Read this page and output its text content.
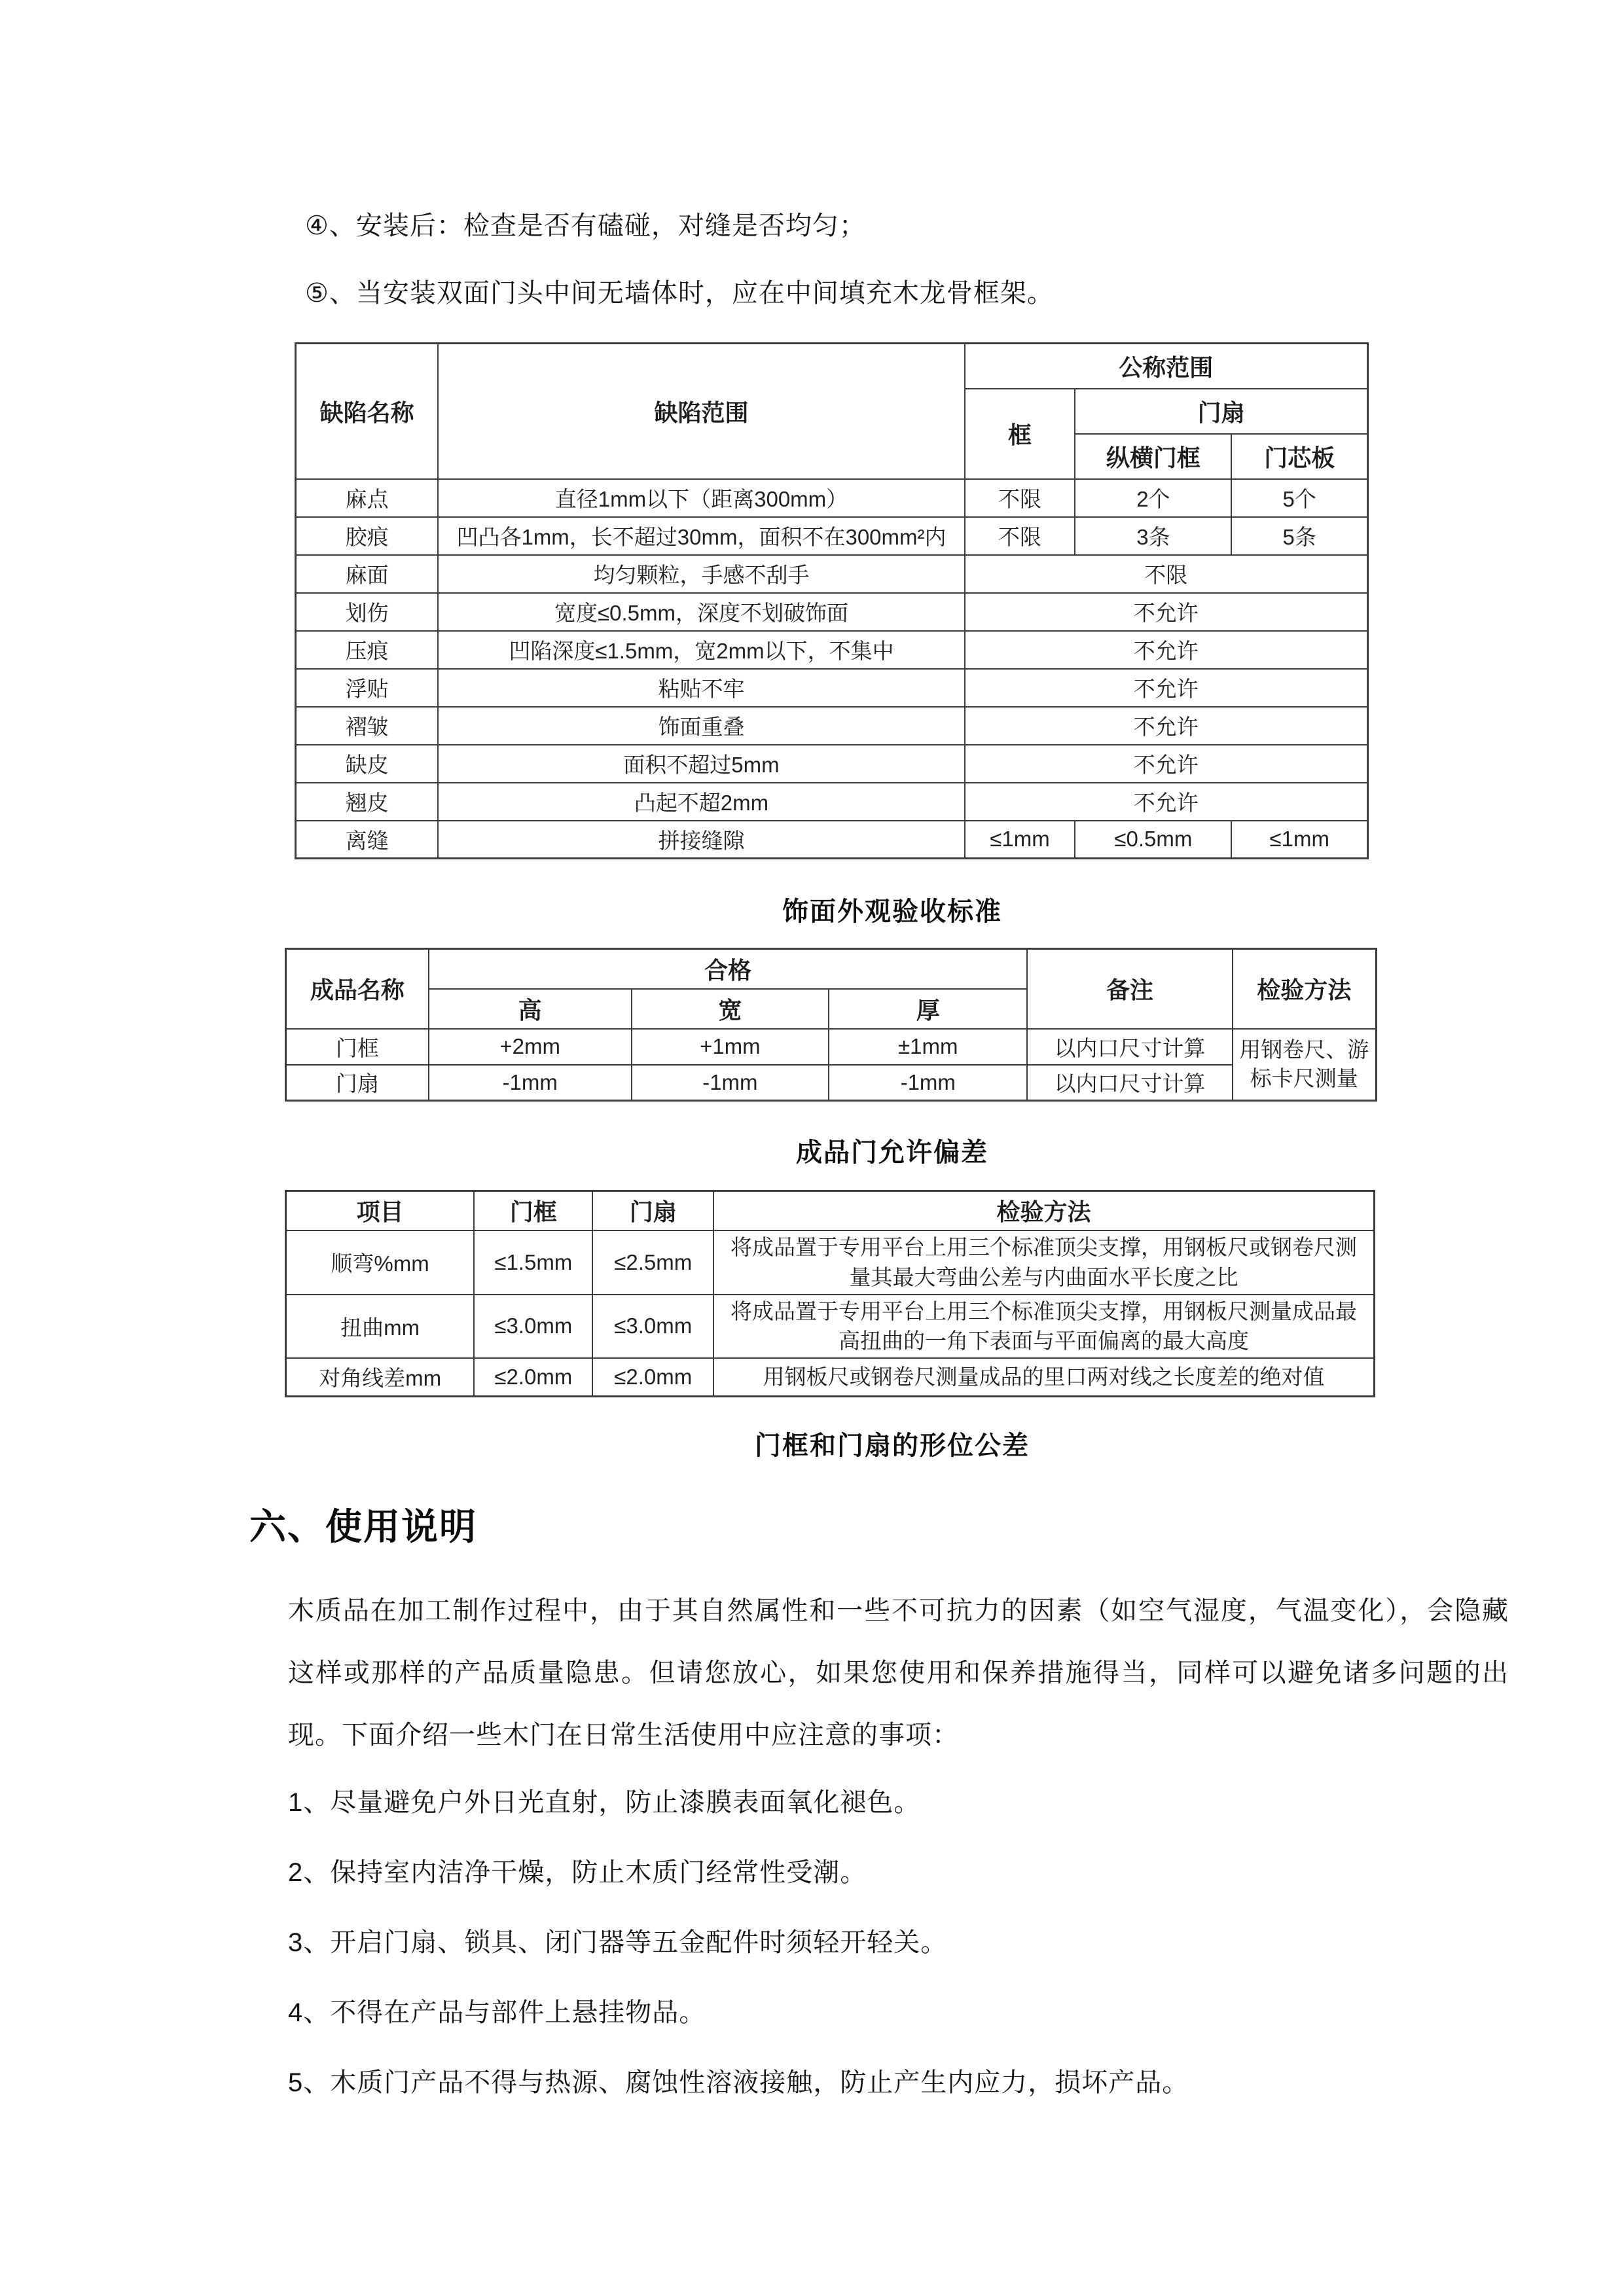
④、安装后：检查是否有磕碰，对缝是否均匀；
⑤、当安装双面门头中间无墙体时，应在中间填充木龙骨框架。
缺陷名称	缺陷范围	公称范围		
		框	门扇	
			纵横门框	门芯板
麻点	直径1mm以下（距离300mm）	不限	2个	5个
胶痕	凹凸各1mm，长不超过30mm，面积不在300mm²内	不限	3条	5条
麻面	均匀颗粒，手感不刮手	不限		
划伤	宽度≤0.5mm，深度不划破饰面	不允许		
压痕	凹陷深度≤1.5mm，宽2mm以下，不集中	不允许		
浮贴	粘贴不牢	不允许		
褶皱	饰面重叠	不允许		
缺皮	面积不超过5mm	不允许		
翘皮	凸起不超2mm	不允许		
离缝	拼接缝隙	≤1mm	≤0.5mm	≤1mm
饰面外观验收标准
成品名称	合格			备注	检验方法
	高	宽	厚		
门框	+2mm	+1mm	±1mm	以内口尺寸计算	用钢卷尺、游标卡尺测量
门扇	-1mm	-1mm	-1mm	以内口尺寸计算	
成品门允许偏差
项目	门框	门扇	检验方法
顺弯%mm	≤1.5mm	≤2.5mm	将成品置于专用平台上用三个标准顶尖支撑，用钢板尺或钢卷尺测量其最大弯曲公差与内曲面水平长度之比
扭曲mm	≤3.0mm	≤3.0mm	将成品置于专用平台上用三个标准顶尖支撑，用钢板尺测量成品最高扭曲的一角下表面与平面偏离的最大高度
对角线差mm	≤2.0mm	≤2.0mm	用钢板尺或钢卷尺测量成品的里口两对线之长度差的绝对值
门框和门扇的形位公差
六、使用说明
木质品在加工制作过程中，由于其自然属性和一些不可抗力的因素（如空气湿度，气温变化），会隐藏这样或那样的产品质量隐患。但请您放心，如果您使用和保养措施得当，同样可以避免诸多问题的出现。下面介绍一些木门在日常生活使用中应注意的事项：
1、尽量避免户外日光直射，防止漆膜表面氧化褪色。
2、保持室内洁净干燥，防止木质门经常性受潮。
3、开启门扇、锁具、闭门器等五金配件时须轻开轻关。
4、不得在产品与部件上悬挂物品。
5、木质门产品不得与热源、腐蚀性溶液接触，防止产生内应力，损坏产品。
